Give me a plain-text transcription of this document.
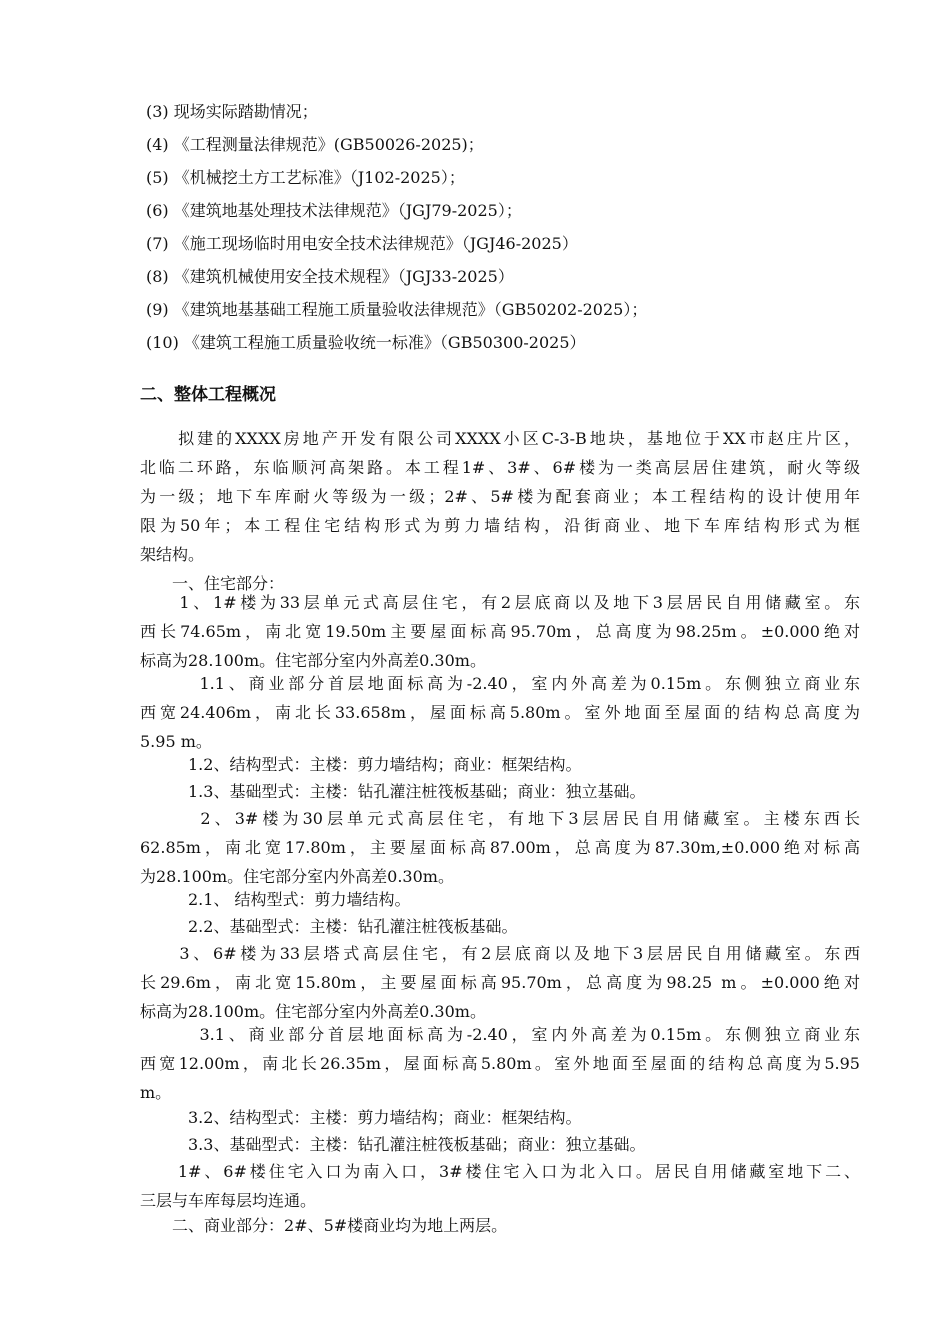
(3) 现场实际踏勘情况；
(4) 《工程测量法律规范》(GB50026-2025)；
(5) 《机械挖土方工艺标准》（J102-2025）；
(6) 《建筑地基处理技术法律规范》（JGJ79-2025）；
(7) 《施工现场临时用电安全技术法律规范》（JGJ46-2025）
(8) 《建筑机械使用安全技术规程》（JGJ33-2025）
(9) 《建筑地基基础工程施工质量验收法律规范》（GB50202-2025）；
(10) 《建筑工程施工质量验收统一标准》（GB50300-2025）
二、整体工程概况
　　拟建的XXXX房地产开发有限公司XXXX小区C-3-B地块，基地位于XX市赵庄片区，
北临二环路，东临顺河高架路。本工程1#、3#、6#楼为一类高层居住建筑，耐火等级
为一级；地下车库耐火等级为一级；2#、5#楼为配套商业；本工程结构的设计使用年
限为50年；本工程住宅结构形式为剪力墙结构，沿街商业、地下车库结构形式为框
架结构。
　　一、住宅部分：
　　1、1#楼为33层单元式高层住宅，有2层底商以及地下3层居民自用储藏室。东
西长74.65m，南北宽19.50m主要屋面标高95.70m，总高度为98.25m。±0.000绝对
标高为28.100m。住宅部分室内外高差0.30m。
　　　1.1、商业部分首层地面标高为-2.40，室内外高差为0.15m。东侧独立商业东
西宽24.406m，南北长33.658m，屋面标高5.80m。室外地面至屋面的结构总高度为
5.95 m。
　　　1.2、结构型式：主楼：剪力墙结构；商业：框架结构。
　　　1.3、基础型式：主楼：钻孔灌注桩筏板基础；商业：独立基础。
　　　2、3#楼为30层单元式高层住宅，有地下3层居民自用储藏室。主楼东西长
62.85m，南北宽17.80m，主要屋面标高87.00m，总高度为87.30m,±0.000绝对标高
为28.100m。住宅部分室内外高差0.30m。
　　　2.1、 结构型式：剪力墙结构。
　　　2.2、基础型式：主楼：钻孔灌注桩筏板基础。
　　3、6#楼为33层塔式高层住宅，有2层底商以及地下3层居民自用储藏室。东西
长29.6m，南北宽15.80m，主要屋面标高95.70m，总高度为98.25 m。±0.000绝对
标高为28.100m。住宅部分室内外高差0.30m。
　　　3.1、商业部分首层地面标高为-2.40，室内外高差为0.15m。东侧独立商业东
西宽12.00m，南北长26.35m，屋面标高5.80m。室外地面至屋面的结构总高度为5.95
m。
　　　3.2、结构型式：主楼：剪力墙结构；商业：框架结构。
　　　3.3、基础型式：主楼：钻孔灌注桩筏板基础；商业：独立基础。
　　1#、6#楼住宅入口为南入口，3#楼住宅入口为北入口。居民自用储藏室地下二、
三层与车库每层均连通。
　　二、商业部分：2#、5#楼商业均为地上两层。
